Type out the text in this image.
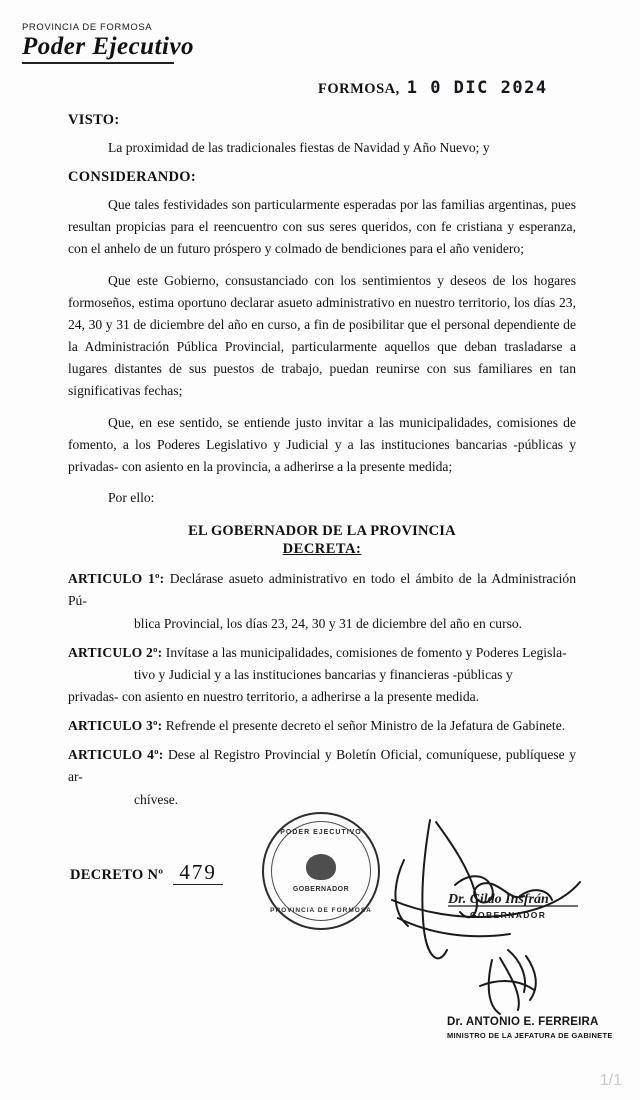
PROVINCIA DE FORMOSA
Poder Ejecutivo
FORMOSA, 1 0 DIC 2024
VISTO:

La proximidad de las tradicionales fiestas de Navidad y Año Nuevo; y

CONSIDERANDO:

Que tales festividades son particularmente esperadas por las familias argentinas, pues resultan propicias para el reencuentro con sus seres queridos, con fe cristiana y esperanza, con el anhelo de un futuro próspero y colmado de bendiciones para el año venidero;

Que este Gobierno, consustanciado con los sentimientos y deseos de los hogares formoseños, estima oportuno declarar asueto administrativo en nuestro territorio, los días 23, 24, 30 y 31 de diciembre del año en curso, a fin de posibilitar que el personal dependiente de la Administración Pública Provincial, particularmente aquellos que deban trasladarse a lugares distantes de sus puestos de trabajo, puedan reunirse con sus familiares en tan significativas fechas;

Que, en ese sentido, se entiende justo invitar a las municipalidades, comisiones de fomento, a los Poderes Legislativo y Judicial y a las instituciones bancarias -públicas y privadas- con asiento en la provincia, a adherirse a la presente medida;

Por ello:

EL GOBERNADOR DE LA PROVINCIA
DECRETA:
ARTICULO 1º: Declárase asueto administrativo en todo el ámbito de la Administración Pú-
blica Provincial, los días 23, 24, 30 y 31 de diciembre del año en curso.
ARTICULO 2º: Invítase a las municipalidades, comisiones de fomento y Poderes Legisla-
tivo y Judicial y a las instituciones bancarias y financieras -públicas y
privadas- con asiento en nuestro territorio, a adherirse a la presente medida.
ARTICULO 3º: Refrende el presente decreto el señor Ministro de la Jefatura de Gabinete.
ARTICULO 4º: Dese al Registro Provincial y Boletín Oficial, comuníquese, publíquese y ar-
chívese.
DECRETO Nº 479
PODER EJECUTIVO
GOBERNADOR
PROVINCIA DE FORMOSA
Dr. Gildo Insfrán
GOBERNADOR
Dr. ANTONIO E. FERREIRA
MINISTRO DE LA JEFATURA DE GABINETE
1/1
